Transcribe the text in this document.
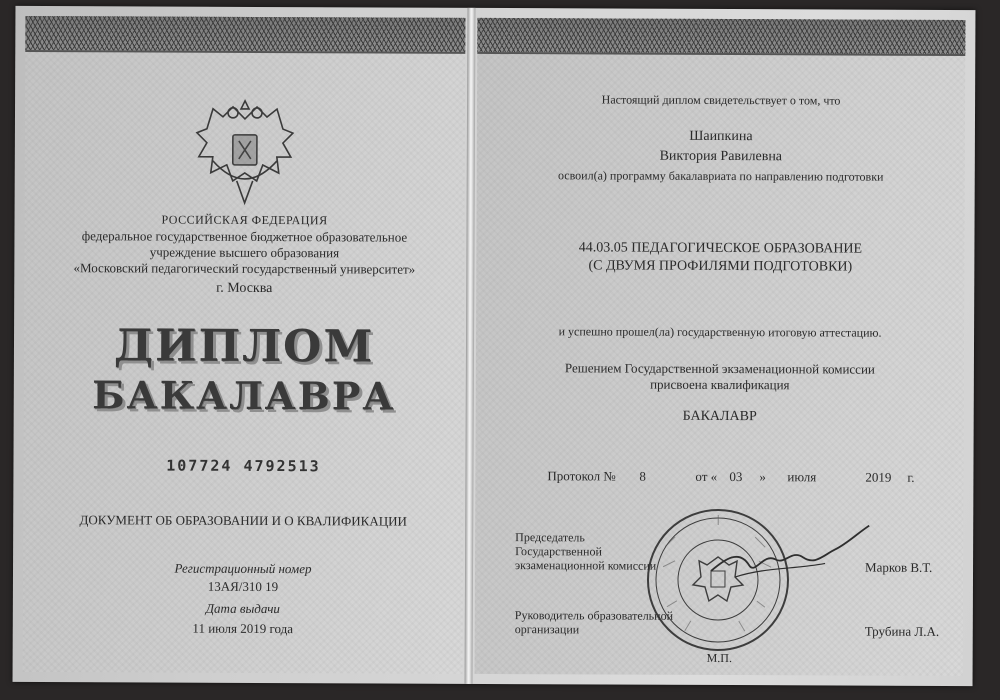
РОССИЙСКАЯ ФЕДЕРАЦИЯ
федеральное государственное бюджетное образовательное
учреждение высшего образования
«Московский педагогический государственный университет»
г. Москва
ДИПЛОМ
БАКАЛАВРА
107724 4792513
ДОКУМЕНТ ОБ ОБРАЗОВАНИИ И О КВАЛИФИКАЦИИ
Регистрационный номер
13АЯ/310 19
Дата выдачи
11 июля 2019 года
Настоящий диплом свидетельствует о том, что
Шаипкина
Виктория Равилевна
освоил(а) программу бакалавриата по направлению подготовки
44.03.05 ПЕДАГОГИЧЕСКОЕ ОБРАЗОВАНИЕ
(С ДВУМЯ ПРОФИЛЯМИ ПОДГОТОВКИ)
и успешно прошел(ла) государственную итоговую аттестацию.
Решением Государственной экзаменационной комиссии
присвоена квалификация
БАКАЛАВР
Протокол № 8	от « 03 » июля	2019 г.
Председатель
Государственной
экзаменационной комиссии	Марков В.Т.
Руководитель образовательной
организации	Трубина Л.А.
М.П.
